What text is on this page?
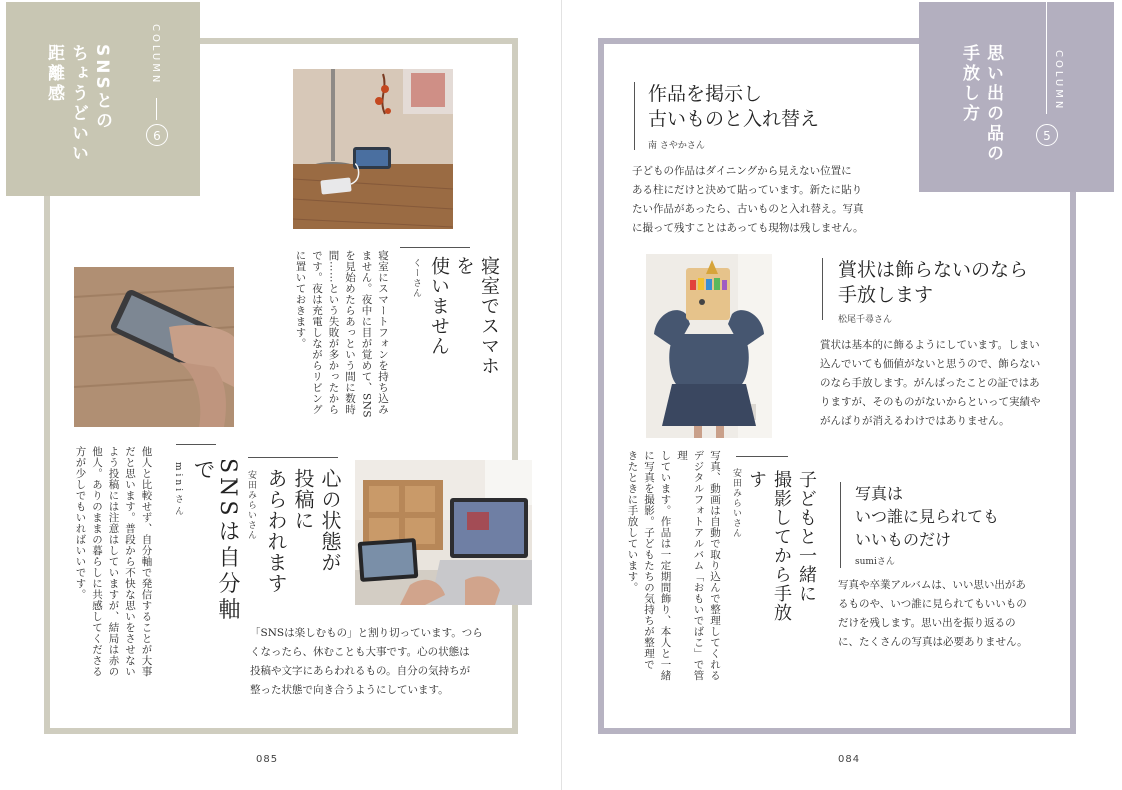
COLUMN
6
SNSとの
ちょうどいい
距離感
寝室でスマホを
使いません
くーさん
寝室にスマートフォンを持ち込み
ません。夜中に目が覚めて、SNS
を見始めたらあっという間に数時
間……という失敗が多かったから
です。夜は充電しながらリビング
に置いておきます。
SNSは自分軸で
miniさん
他人と比較せず、自分軸で発信することが大事
だと思います。普段から不快な思いをさせない
よう投稿には注意はしていますが、結局は赤の
他人。ありのままの暮らしに共感してくださる
方が少しでもいればいいです。	心の状態が
投稿に
あらわれます
安田みらいさん
「SNSは楽しむもの」と割り切っています。つら
くなったら、休むことも大事です。心の状態は
投稿や文字にあらわれるもの。自分の気持ちが
整った状態で向き合うようにしています。
085
COLUMN
5
思い出の品の
手放し方
作品を掲示し
古いものと入れ替え
南 さやかさん
子どもの作品はダイニングから見えない位置に
ある柱にだけと決めて貼っています。新たに貼り
たい作品があったら、古いものと入れ替え。写真
に撮って残すことはあっても現物は残しません。
賞状は飾らないのなら
手放します
松尾千尋さん
賞状は基本的に飾るようにしています。しまい
込んでいても価値がないと思うので、飾らない
のなら手放します。がんばったことの証ではあ
りますが、そのものがないからといって実績や
がんばりが消えるわけではありません。
子どもと一緒に
撮影してから手放す
安田みらいさん
写真、動画は自動で取り込んで整理してくれる
デジタルフォトアルバム「おもいでばこ」で管理
しています。作品は一定期間飾り、本人と一緒
に写真を撮影。子どもたちの気持ちが整理で
きたときに手放しています。	写真は
いつ誰に見られても
いいものだけ
sumiさん
写真や卒業アルバムは、いい思い出があ
るものや、いつ誰に見られてもいいもの
だけを残します。思い出を振り返るの
に、たくさんの写真は必要ありません。
084
